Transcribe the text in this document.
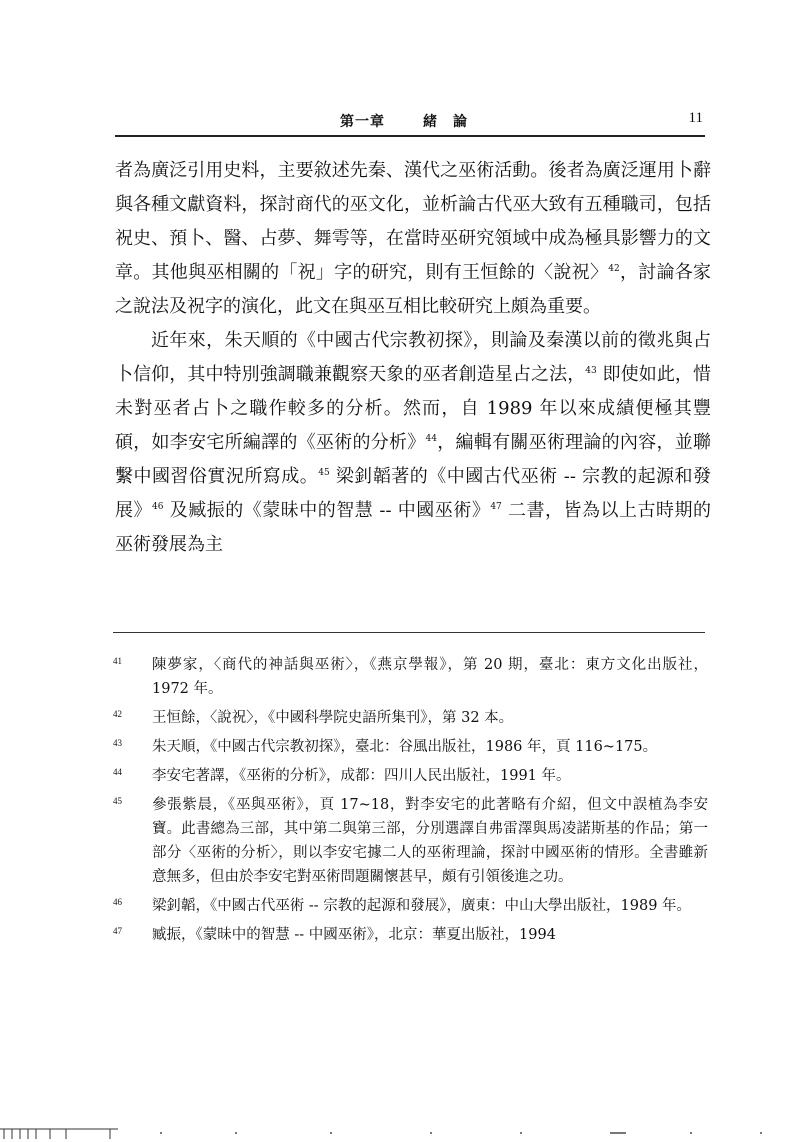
第一章	緒　論	11

者為廣泛引用史料，主要敘述先秦、漢代之巫術活動。後者為廣泛運用卜辭與各種文獻資料，探討商代的巫文化，並析論古代巫大致有五種職司，包括祝史、預卜、醫、占夢、舞雩等，在當時巫研究領域中成為極具影響力的文章。其他與巫相關的「祝」字的研究，則有王恒餘的〈說祝〉$^{42}$，討論各家之說法及祝字的演化，此文在與巫互相比較研究上頗為重要。

近年來，朱天順的《中國古代宗教初探》，則論及秦漢以前的徵兆與占卜信仰，其中特別強調職兼觀察天象的巫者創造星占之法，$^{43}$ 即使如此，惜未對巫者占卜之職作較多的分析。然而，自 1989 年以來成績便極其豐碩，如李安宅所編譯的《巫術的分析》$^{44}$，編輯有關巫術理論的內容，並聯繫中國習俗實況所寫成。$^{45}$ 梁釗韜著的《中國古代巫術 -- 宗教的起源和發展》$^{46}$ 及臧振的《蒙昧中的智慧 -- 中國巫術》$^{47}$ 二書，皆為以上古時期的巫術發展為主

41 陳夢家，〈商代的神話與巫術〉，《燕京學報》，第 20 期，臺北：東方文化出版社，1972 年。
42 王恒餘，〈說祝〉，《中國科學院史語所集刊》，第 32 本。
43 朱天順，《中國古代宗教初探》，臺北：谷風出版社，1986 年，頁 116~175。
44 李安宅著譯，《巫術的分析》，成都：四川人民出版社，1991 年。
45 參張紫晨，《巫與巫術》，頁 17~18，對李安宅的此著略有介紹，但文中誤植為李安寶。此書總為三部，其中第二與第三部，分別選譯自弗雷澤與馬凌諾斯基的作品；第一部分〈巫術的分析〉，則以李安宅據二人的巫術理論，探討中國巫術的情形。全書雖新意無多，但由於李安宅對巫術問題關懷甚早，頗有引領後進之功。
46 梁釗韜，《中國古代巫術 -- 宗教的起源和發展》，廣東：中山大學出版社，1989 年。
47 臧振，《蒙昧中的智慧 -- 中國巫術》，北京：華夏出版社，1994
